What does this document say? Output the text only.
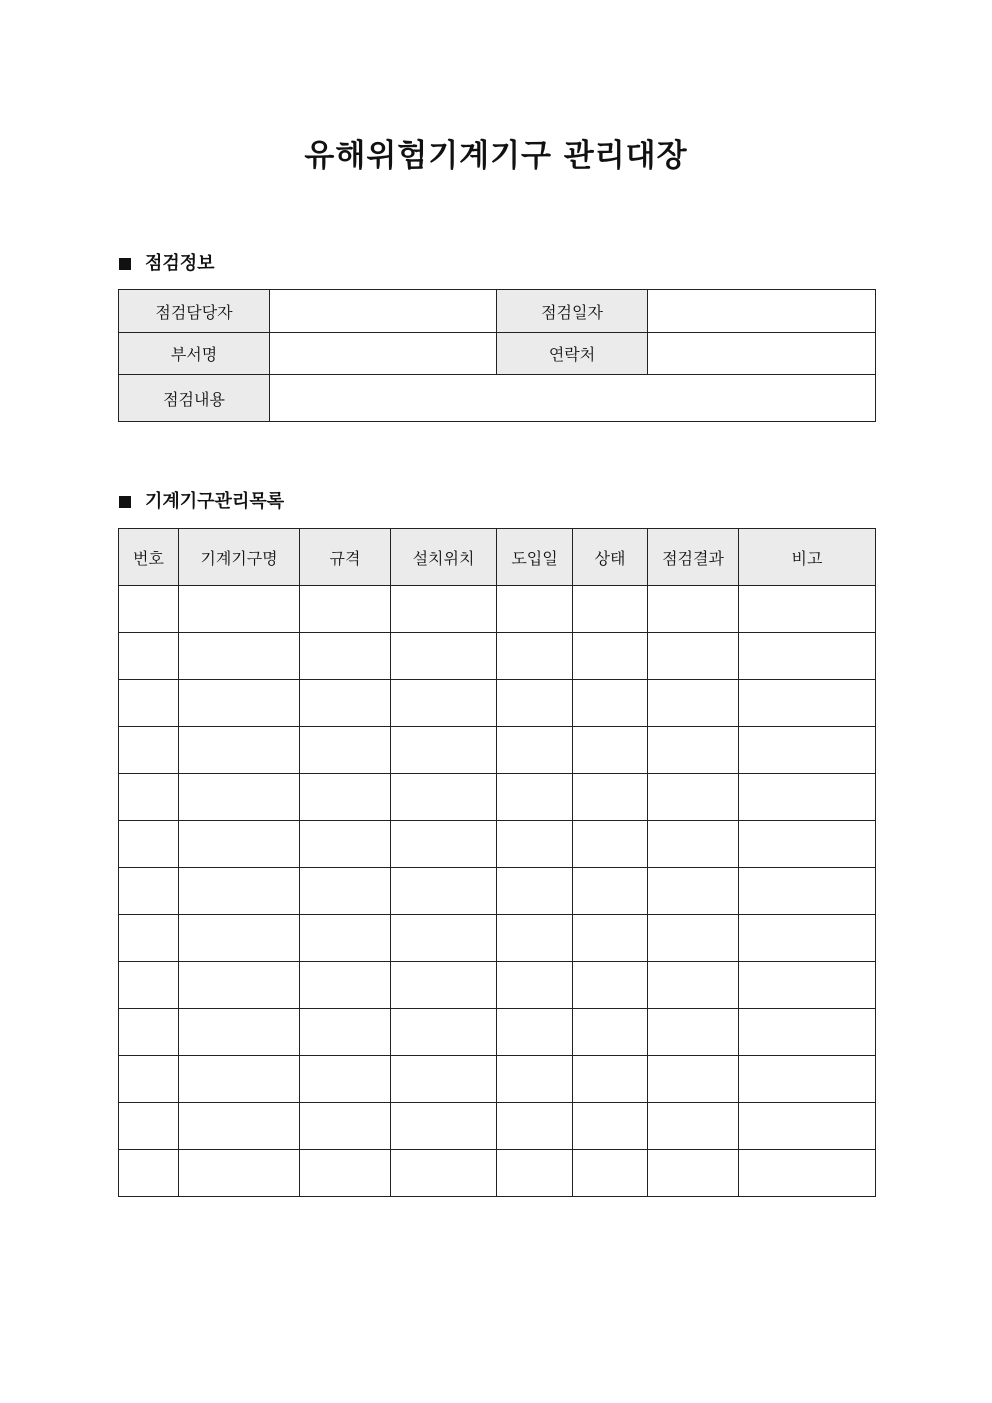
유해위험기계기구 관리대장
점검정보
점검담당자		점검일자	
부서명		연락처	
점검내용			
기계기구관리목록
번호	기계기구명	규격	설치위치	도입일	상태	점검결과	비고
